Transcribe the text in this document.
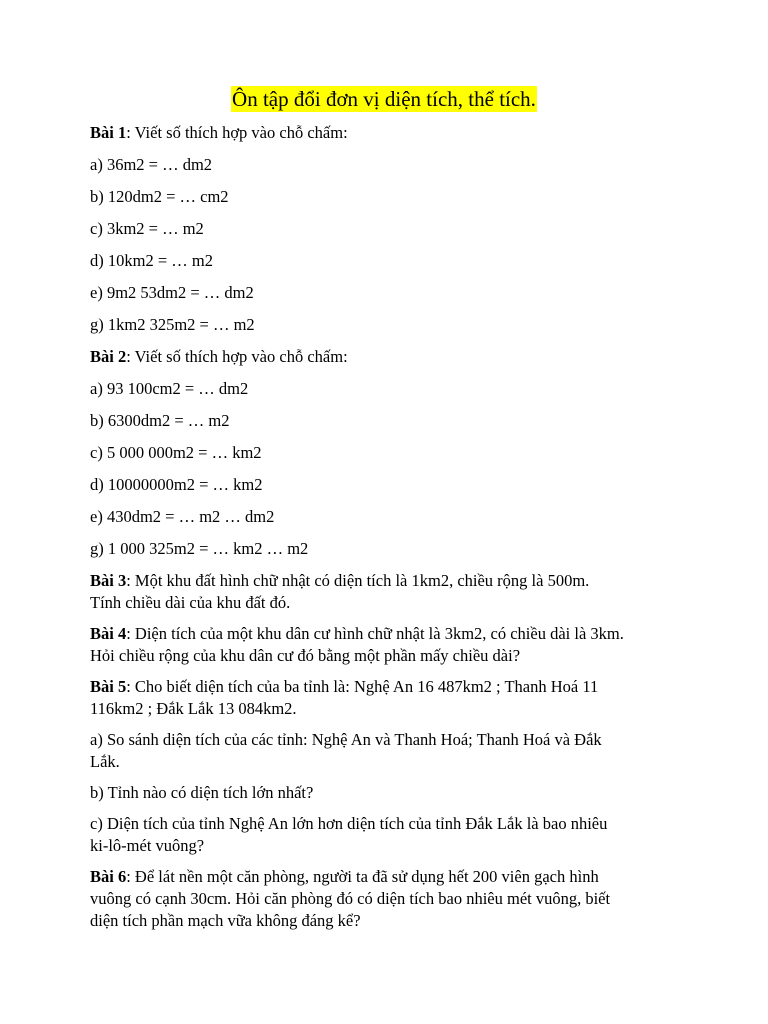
Ôn tập đổi đơn vị diện tích, thể tích.

Bài 1: Viết số thích hợp vào chỗ chấm:

a) 36m2 = … dm2

b) 120dm2 = … cm2

c) 3km2 = … m2

d) 10km2 = … m2

e) 9m2 53dm2 = … dm2

g) 1km2 325m2 = … m2

Bài 2: Viết số thích hợp vào chỗ chấm:

a) 93 100cm2 = … dm2

b) 6300dm2 = … m2

c) 5 000 000m2 = … km2

d) 10000000m2 = … km2

e) 430dm2 = … m2 … dm2

g) 1 000 325m2 = … km2 … m2

Bài 3: Một khu đất hình chữ nhật có diện tích là 1km2, chiều rộng là 500m.

Tính chiều dài của khu đất đó.

Bài 4: Diện tích của một khu dân cư hình chữ nhật là 3km2, có chiều dài là 3km.

Hỏi chiều rộng của khu dân cư đó bằng một phần mấy chiều dài?

Bài 5: Cho biết diện tích của ba tỉnh là: Nghệ An 16 487km2 ; Thanh Hoá 11

116km2 ; Đắk Lắk 13 084km2.

a) So sánh diện tích của các tỉnh: Nghệ An và Thanh Hoá; Thanh Hoá và Đắk

Lắk.

b) Tỉnh nào có diện tích lớn nhất?

c) Diện tích của tỉnh Nghệ An lớn hơn diện tích của tỉnh Đắk Lắk là bao nhiêu

ki-lô-mét vuông?

Bài 6: Để lát nền một căn phòng, người ta đã sử dụng hết 200 viên gạch hình

vuông có cạnh 30cm. Hỏi căn phòng đó có diện tích bao nhiêu mét vuông, biết

diện tích phần mạch vữa không đáng kể?
